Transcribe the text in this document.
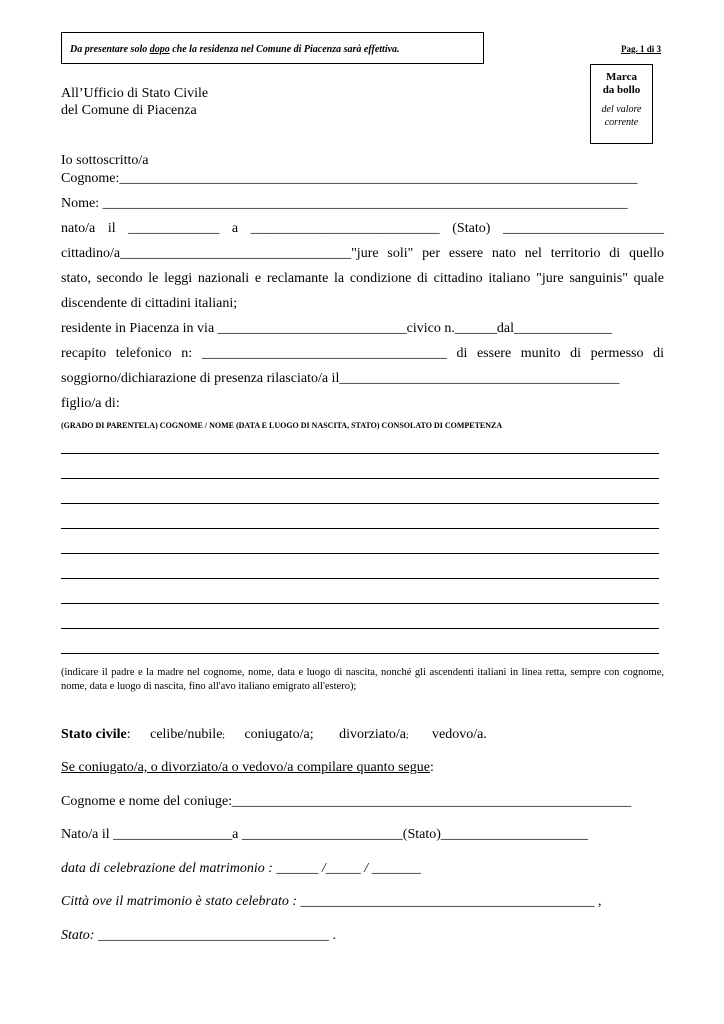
Da presentare solo dopo che la residenza nel Comune di Piacenza sarà effettiva.	Pag. 1 di 3
Marca
da bollo
del valore
corrente
All’Ufficio di Stato Civile
del Comune di Piacenza
Io sottoscritto/a
Cognome:__________________________________________________________________________
Nome: ___________________________________________________________________________
nato/a il _____________ a ___________________________ (Stato) _______________________
cittadino/a_________________________________"jure soli" per essere nato nel territorio di quello
stato, secondo le leggi nazionali e reclamante la condizione di cittadino italiano "jure sanguinis" quale
discendente di cittadini italiani;
residente in Piacenza in via ___________________________civico n.______dal______________
recapito telefonico n: ___________________________________ di essere munito di permesso di
soggiorno/dichiarazione di presenza rilasciato/a il________________________________________
figlio/a di:
(GRADO DI PARENTELA) COGNOME / NOME (DATA E LUOGO DI NASCITA, STATO) CONSOLATO DI COMPETENZA
(indicare il padre e la madre nel cognome, nome, data e luogo di nascita, nonché gli ascendenti italiani in linea retta, sempre con cognome, nome, data e luogo di nascita, fino all'avo italiano emigrato all'estero);
Stato civile: celibe/nubile; coniugato/a; divorziato/a; vedovo/a.
Se coniugato/a, o divorziato/a o vedovo/a compilare quanto segue:
Cognome e nome del coniuge:_________________________________________________________
Nato/a il _________________a _______________________(Stato)_____________________
data di celebrazione del matrimonio : ______ /_____ / _______
Città ove il matrimonio è stato celebrato : __________________________________________ ,
Stato: _________________________________ .
